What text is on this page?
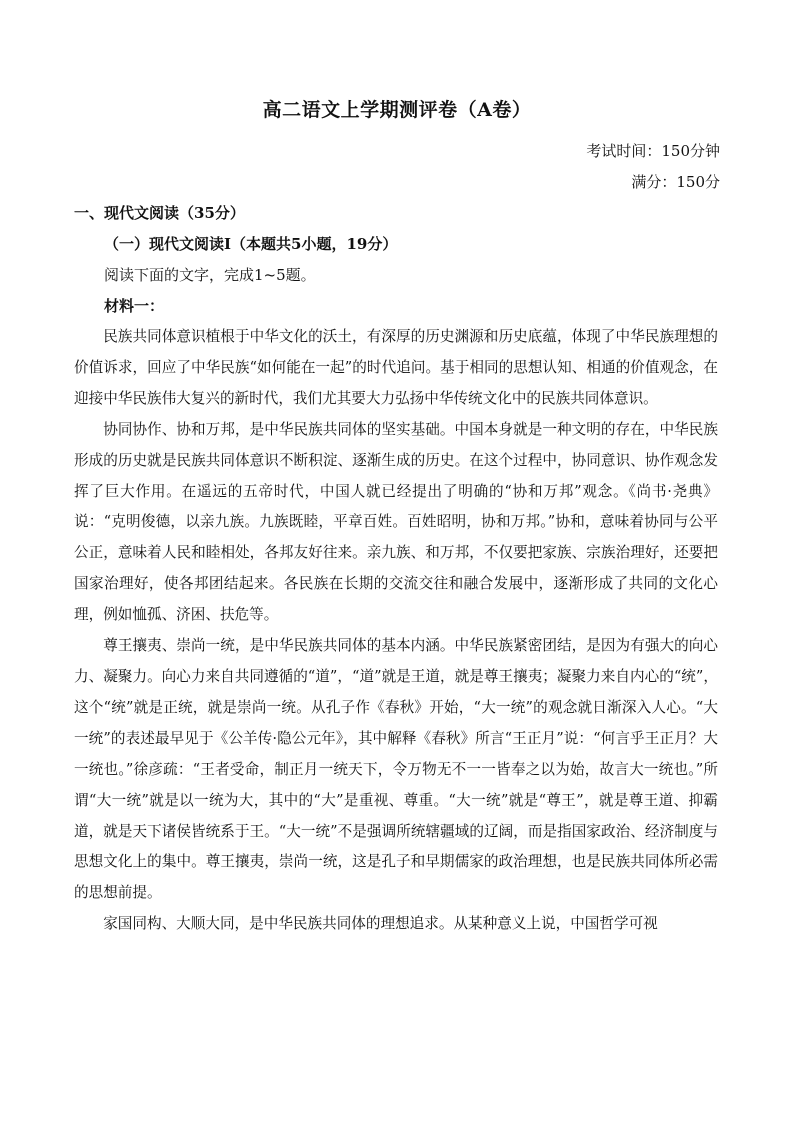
高二语文上学期测评卷（A卷）
考试时间：150分钟
满分：150分
一、现代文阅读（35分）
（一）现代文阅读Ⅰ（本题共5小题，19分）
阅读下面的文字，完成1~5题。
材料一：

民族共同体意识植根于中华文化的沃土，有深厚的历史渊源和历史底蕴，体现了中华民族理想的价值诉求，回应了中华民族“如何能在一起”的时代追问。基于相同的思想认知、相通的价值观念，在迎接中华民族伟大复兴的新时代，我们尤其要大力弘扬中华传统文化中的民族共同体意识。

协同协作、协和万邦，是中华民族共同体的坚实基础。中国本身就是一种文明的存在，中华民族形成的历史就是民族共同体意识不断积淀、逐渐生成的历史。在这个过程中，协同意识、协作观念发挥了巨大作用。在遥远的五帝时代，中国人就已经提出了明确的“协和万邦”观念。《尚书·尧典》说：“克明俊德，以亲九族。九族既睦，平章百姓。百姓昭明，协和万邦。”协和，意味着协同与公平公正，意味着人民和睦相处，各邦友好往来。亲九族、和万邦，不仅要把家族、宗族治理好，还要把国家治理好，使各邦团结起来。各民族在长期的交流交往和融合发展中，逐渐形成了共同的文化心理，例如恤孤、济困、扶危等。

尊王攘夷、崇尚一统，是中华民族共同体的基本内涵。中华民族紧密团结，是因为有强大的向心力、凝聚力。向心力来自共同遵循的“道”，“道”就是王道，就是尊王攘夷；凝聚力来自内心的“统”，这个“统”就是正统，就是崇尚一统。从孔子作《春秋》开始，“大一统”的观念就日渐深入人心。“大一统”的表述最早见于《公羊传·隐公元年》，其中解释《春秋》所言“王正月”说：“何言乎王正月？大一统也。”徐彦疏：“王者受命，制正月一统天下，令万物无不一一皆奉之以为始，故言大一统也。”所谓“大一统”就是以一统为大，其中的“大”是重视、尊重。“大一统”就是“尊王”，就是尊王道、抑霸道，就是天下诸侯皆统系于王。“大一统”不是强调所统辖疆域的辽阔，而是指国家政治、经济制度与思想文化上的集中。尊王攘夷，崇尚一统，这是孔子和早期儒家的政治理想，也是民族共同体所必需的思想前提。

家国同构、大顺大同，是中华民族共同体的理想追求。从某种意义上说，中国哲学可视
